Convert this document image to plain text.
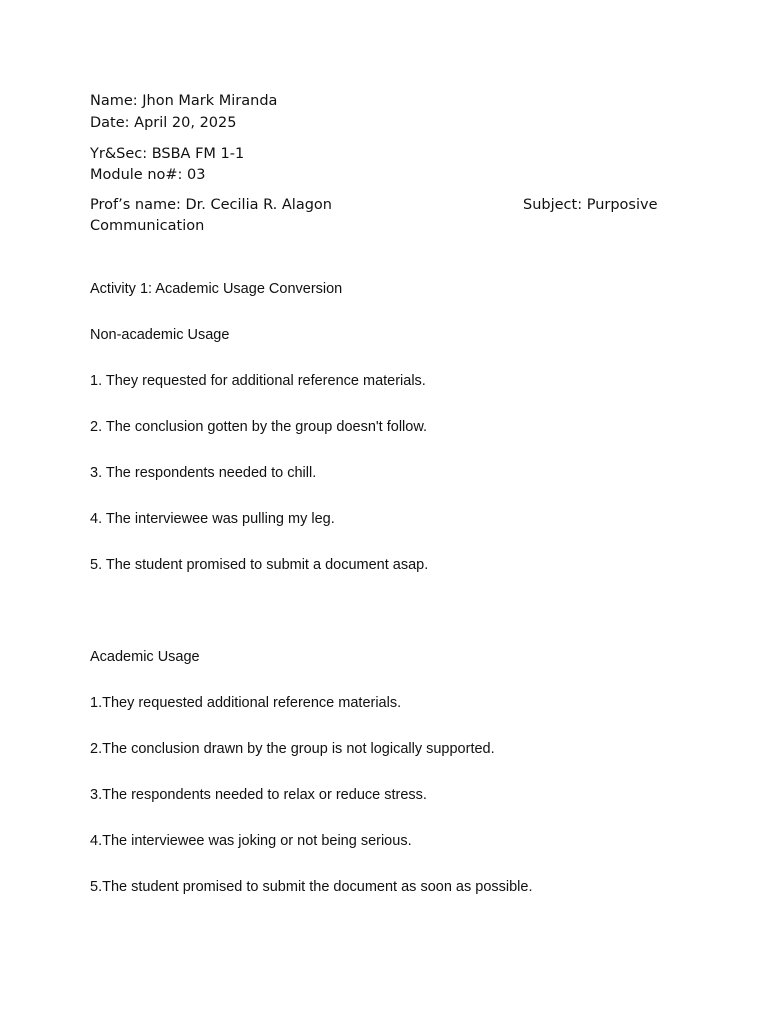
Name: Jhon Mark Miranda
Date: April 20, 2025
Yr&Sec: BSBA FM 1-1
Module no#: 03
Prof’s name: Dr. Cecilia R. Alagon	Subject: Purposive
Communication
Activity 1: Academic Usage Conversion
Non-academic Usage
1. They requested for additional reference materials.
2. The conclusion gotten by the group doesn't follow.
3. The respondents needed to chill.
4. The interviewee was pulling my leg.
5. The student promised to submit a document asap.
Academic Usage
1.They requested additional reference materials.
2.The conclusion drawn by the group is not logically supported.
3.The respondents needed to relax or reduce stress.
4.The interviewee was joking or not being serious.
5.The student promised to submit the document as soon as possible.
